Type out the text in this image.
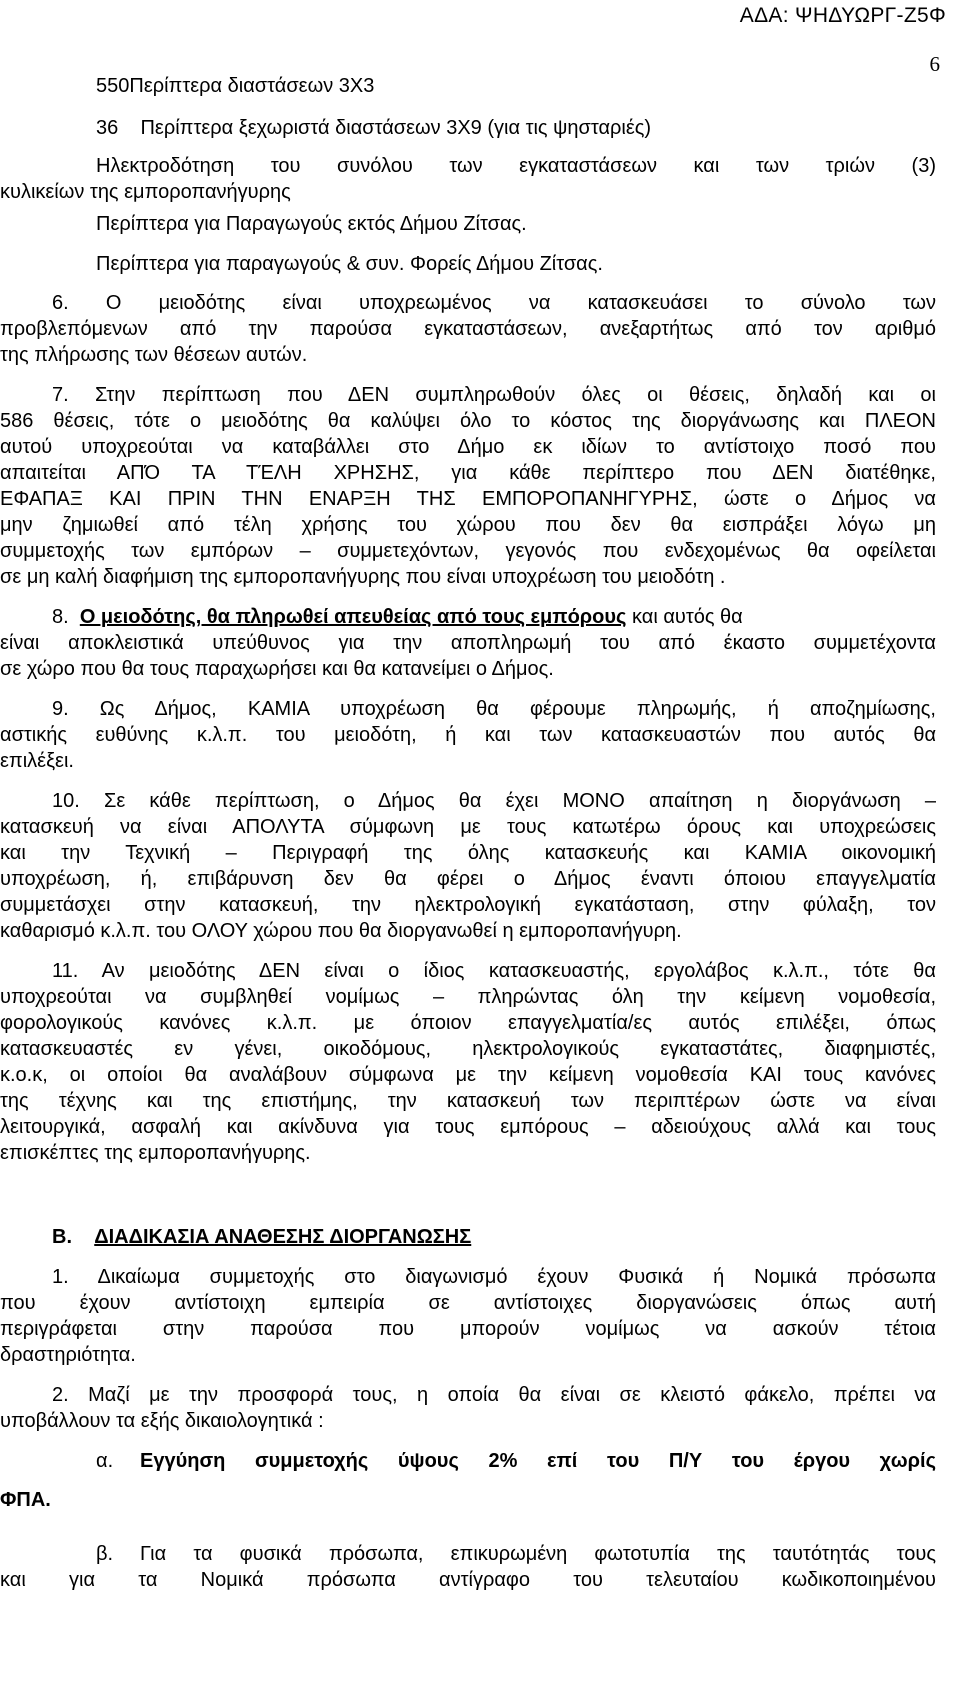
ΑΔΑ: ΨΗΔΥΩΡΓ-Ζ5Φ
6
550Περίπτερα διαστάσεων 3Χ3
36 Περίπτερα ξεχωριστά διαστάσεων 3Χ9 (για τις ψησταριές)
Ηλεκτροδότηση του συνόλου των εγκαταστάσεων και των τριών (3)
κυλικείων της εμποροπανήγυρης
Περίπτερα για Παραγωγούς εκτός Δήμου Ζίτσας.
Περίπτερα για παραγωγούς & συν. Φορείς Δήμου Ζίτσας.
6. Ο μειοδότης είναι υποχρεωμένος να κατασκευάσει το σύνολο των
προβλεπόμενων από την παρούσα εγκαταστάσεων, ανεξαρτήτως από τον αριθμό
της πλήρωσης των θέσεων αυτών.
7. Στην περίπτωση που ΔΕΝ συμπληρωθούν όλες οι θέσεις, δηλαδή και οι
586 θέσεις, τότε ο μειοδότης θα καλύψει όλο το κόστος της διοργάνωσης και ΠΛΕΟΝ
αυτού υποχρεούται να καταβάλλει στο Δήμο εκ ιδίων το αντίστοιχο ποσό που
απαιτείται ΑΠΌ ΤΑ ΤΈΛΗ ΧΡΗΣΗΣ, για κάθε περίπτερο που ΔΕΝ διατέθηκε,
ΕΦΑΠΑΞ ΚΑΙ ΠΡΙΝ ΤΗΝ ΕΝΑΡΞΗ ΤΗΣ ΕΜΠΟΡΟΠΑΝΗΓΥΡΗΣ, ώστε ο Δήμος να
μην ζημιωθεί από τέλη χρήσης του χώρου που δεν θα εισπράξει λόγω μη
συμμετοχής των εμπόρων – συμμετεχόντων, γεγονός που ενδεχομένως θα οφείλεται
σε μη καλή διαφήμιση της εμποροπανήγυρης που είναι υποχρέωση του μειοδότη .
8. Ο μειοδότης, θα πληρωθεί απευθείας από τους εμπόρους και αυτός θα
είναι αποκλειστικά υπεύθυνος για την αποπληρωμή του από έκαστο συμμετέχοντα
σε χώρο που θα τους παραχωρήσει και θα κατανείμει ο Δήμος.
9. Ως Δήμος, ΚΑΜΙΑ υποχρέωση θα φέρουμε πληρωμής, ή αποζημίωσης,
αστικής ευθύνης κ.λ.π. του μειοδότη, ή και των κατασκευαστών που αυτός θα
επιλέξει.
10. Σε κάθε περίπτωση, ο Δήμος θα έχει ΜΟΝΟ απαίτηση η διοργάνωση –
κατασκευή να είναι ΑΠΟΛΥΤΑ σύμφωνη με τους κατωτέρω όρους και υποχρεώσεις
και την Τεχνική – Περιγραφή της όλης κατασκευής και ΚΑΜΙΑ οικονομική
υποχρέωση, ή, επιβάρυνση δεν θα φέρει ο Δήμος έναντι όποιου επαγγελματία
συμμετάσχει στην κατασκευή, την ηλεκτρολογική εγκατάσταση, στην φύλαξη, τον
καθαρισμό κ.λ.π. του ΟΛΟΥ χώρου που θα διοργανωθεί η εμποροπανήγυρη.
11. Αν μειοδότης ΔΕΝ είναι ο ίδιος κατασκευαστής, εργολάβος κ.λ.π., τότε θα
υποχρεούται να συμβληθεί νομίμως – πληρώντας όλη την κείμενη νομοθεσία,
φορολογικούς κανόνες κ.λ.π. με όποιον επαγγελματία/ες αυτός επιλέξει, όπως
κατασκευαστές εν γένει, οικοδόμους, ηλεκτρολογικούς εγκαταστάτες, διαφημιστές,
κ.ο.κ, οι οποίοι θα αναλάβουν σύμφωνα με την κείμενη νομοθεσία ΚΑΙ τους κανόνες
της τέχνης και της επιστήμης, την κατασκευή των περιπτέρων ώστε να είναι
λειτουργικά, ασφαλή και ακίνδυνα για τους εμπόρους – αδειούχους αλλά και τους
επισκέπτες της εμποροπανήγυρης.
Β. ΔΙΑΔΙΚΑΣΙΑ ΑΝΑΘΕΣΗΣ ΔΙΟΡΓΑΝΩΣΗΣ
1. Δικαίωμα συμμετοχής στο διαγωνισμό έχουν Φυσικά ή Νομικά πρόσωπα
που έχουν αντίστοιχη εμπειρία σε αντίστοιχες διοργανώσεις όπως αυτή
περιγράφεται στην παρούσα που μπορούν νομίμως να ασκούν τέτοια
δραστηριότητα.
2. Μαζί με την προσφορά τους, η οποία θα είναι σε κλειστό φάκελο, πρέπει να
υποβάλλουν τα εξής δικαιολογητικά :
α. Εγγύηση συμμετοχής ύψους 2% επί του Π/Υ του έργου χωρίς
ΦΠΑ.
β. Για τα φυσικά πρόσωπα, επικυρωμένη φωτοτυπία της ταυτότητάς τους
και για τα Νομικά πρόσωπα αντίγραφο του τελευταίου κωδικοποιημένου
